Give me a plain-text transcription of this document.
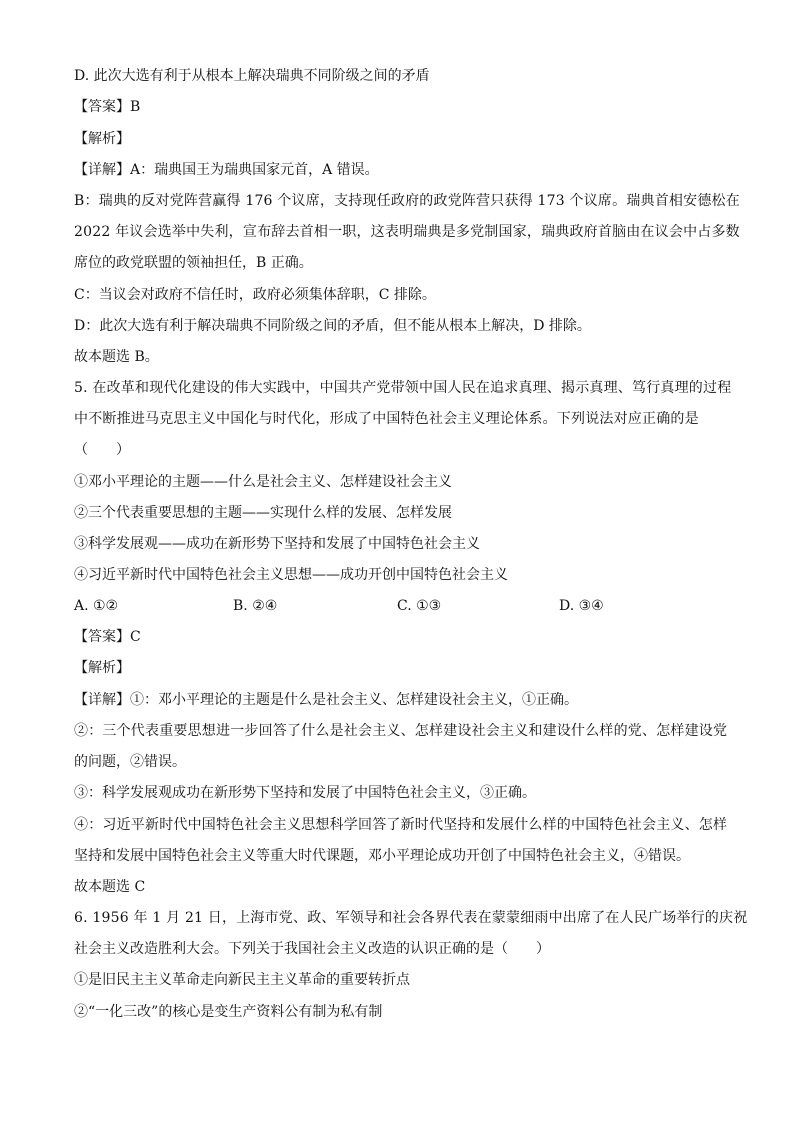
D. 此次大选有利于从根本上解决瑞典不同阶级之间的矛盾
【答案】B
【解析】
【详解】A：瑞典国王为瑞典国家元首，A 错误。
B：瑞典的反对党阵营赢得 176 个议席，支持现任政府的政党阵营只获得 173 个议席。瑞典首相安德松在
2022 年议会选举中失利，宣布辞去首相一职，这表明瑞典是多党制国家，瑞典政府首脑由在议会中占多数
席位的政党联盟的领袖担任，B 正确。
C：当议会对政府不信任时，政府必须集体辞职，C 排除。
D：此次大选有利于解决瑞典不同阶级之间的矛盾，但不能从根本上解决，D 排除。
故本题选 B。
5. 在改革和现代化建设的伟大实践中，中国共产党带领中国人民在追求真理、揭示真理、笃行真理的过程
中不断推进马克思主义中国化与时代化，形成了中国特色社会主义理论体系。下列说法对应正确的是
（　　）
①邓小平理论的主题——什么是社会主义、怎样建设社会主义
②三个代表重要思想的主题——实现什么样的发展、怎样发展
③科学发展观——成功在新形势下坚持和发展了中国特色社会主义
④习近平新时代中国特色社会主义思想——成功开创中国特色社会主义
A. ①②	B. ②④	C. ①③	D. ③④
【答案】C
【解析】
【详解】①：邓小平理论的主题是什么是社会主义、怎样建设社会主义，①正确。
②：三个代表重要思想进一步回答了什么是社会主义、怎样建设社会主义和建设什么样的党、怎样建设党
的问题，②错误。
③：科学发展观成功在新形势下坚持和发展了中国特色社会主义，③正确。
④：习近平新时代中国特色社会主义思想科学回答了新时代坚持和发展什么样的中国特色社会主义、怎样
坚持和发展中国特色社会主义等重大时代课题，邓小平理论成功开创了中国特色社会主义，④错误。
故本题选 C
6. 1956 年 1 月 21 日，上海市党、政、军领导和社会各界代表在蒙蒙细雨中出席了在人民广场举行的庆祝
社会主义改造胜利大会。下列关于我国社会主义改造的认识正确的是（　　）
①是旧民主主义革命走向新民主主义革命的重要转折点
②“一化三改”的核心是变生产资料公有制为私有制
